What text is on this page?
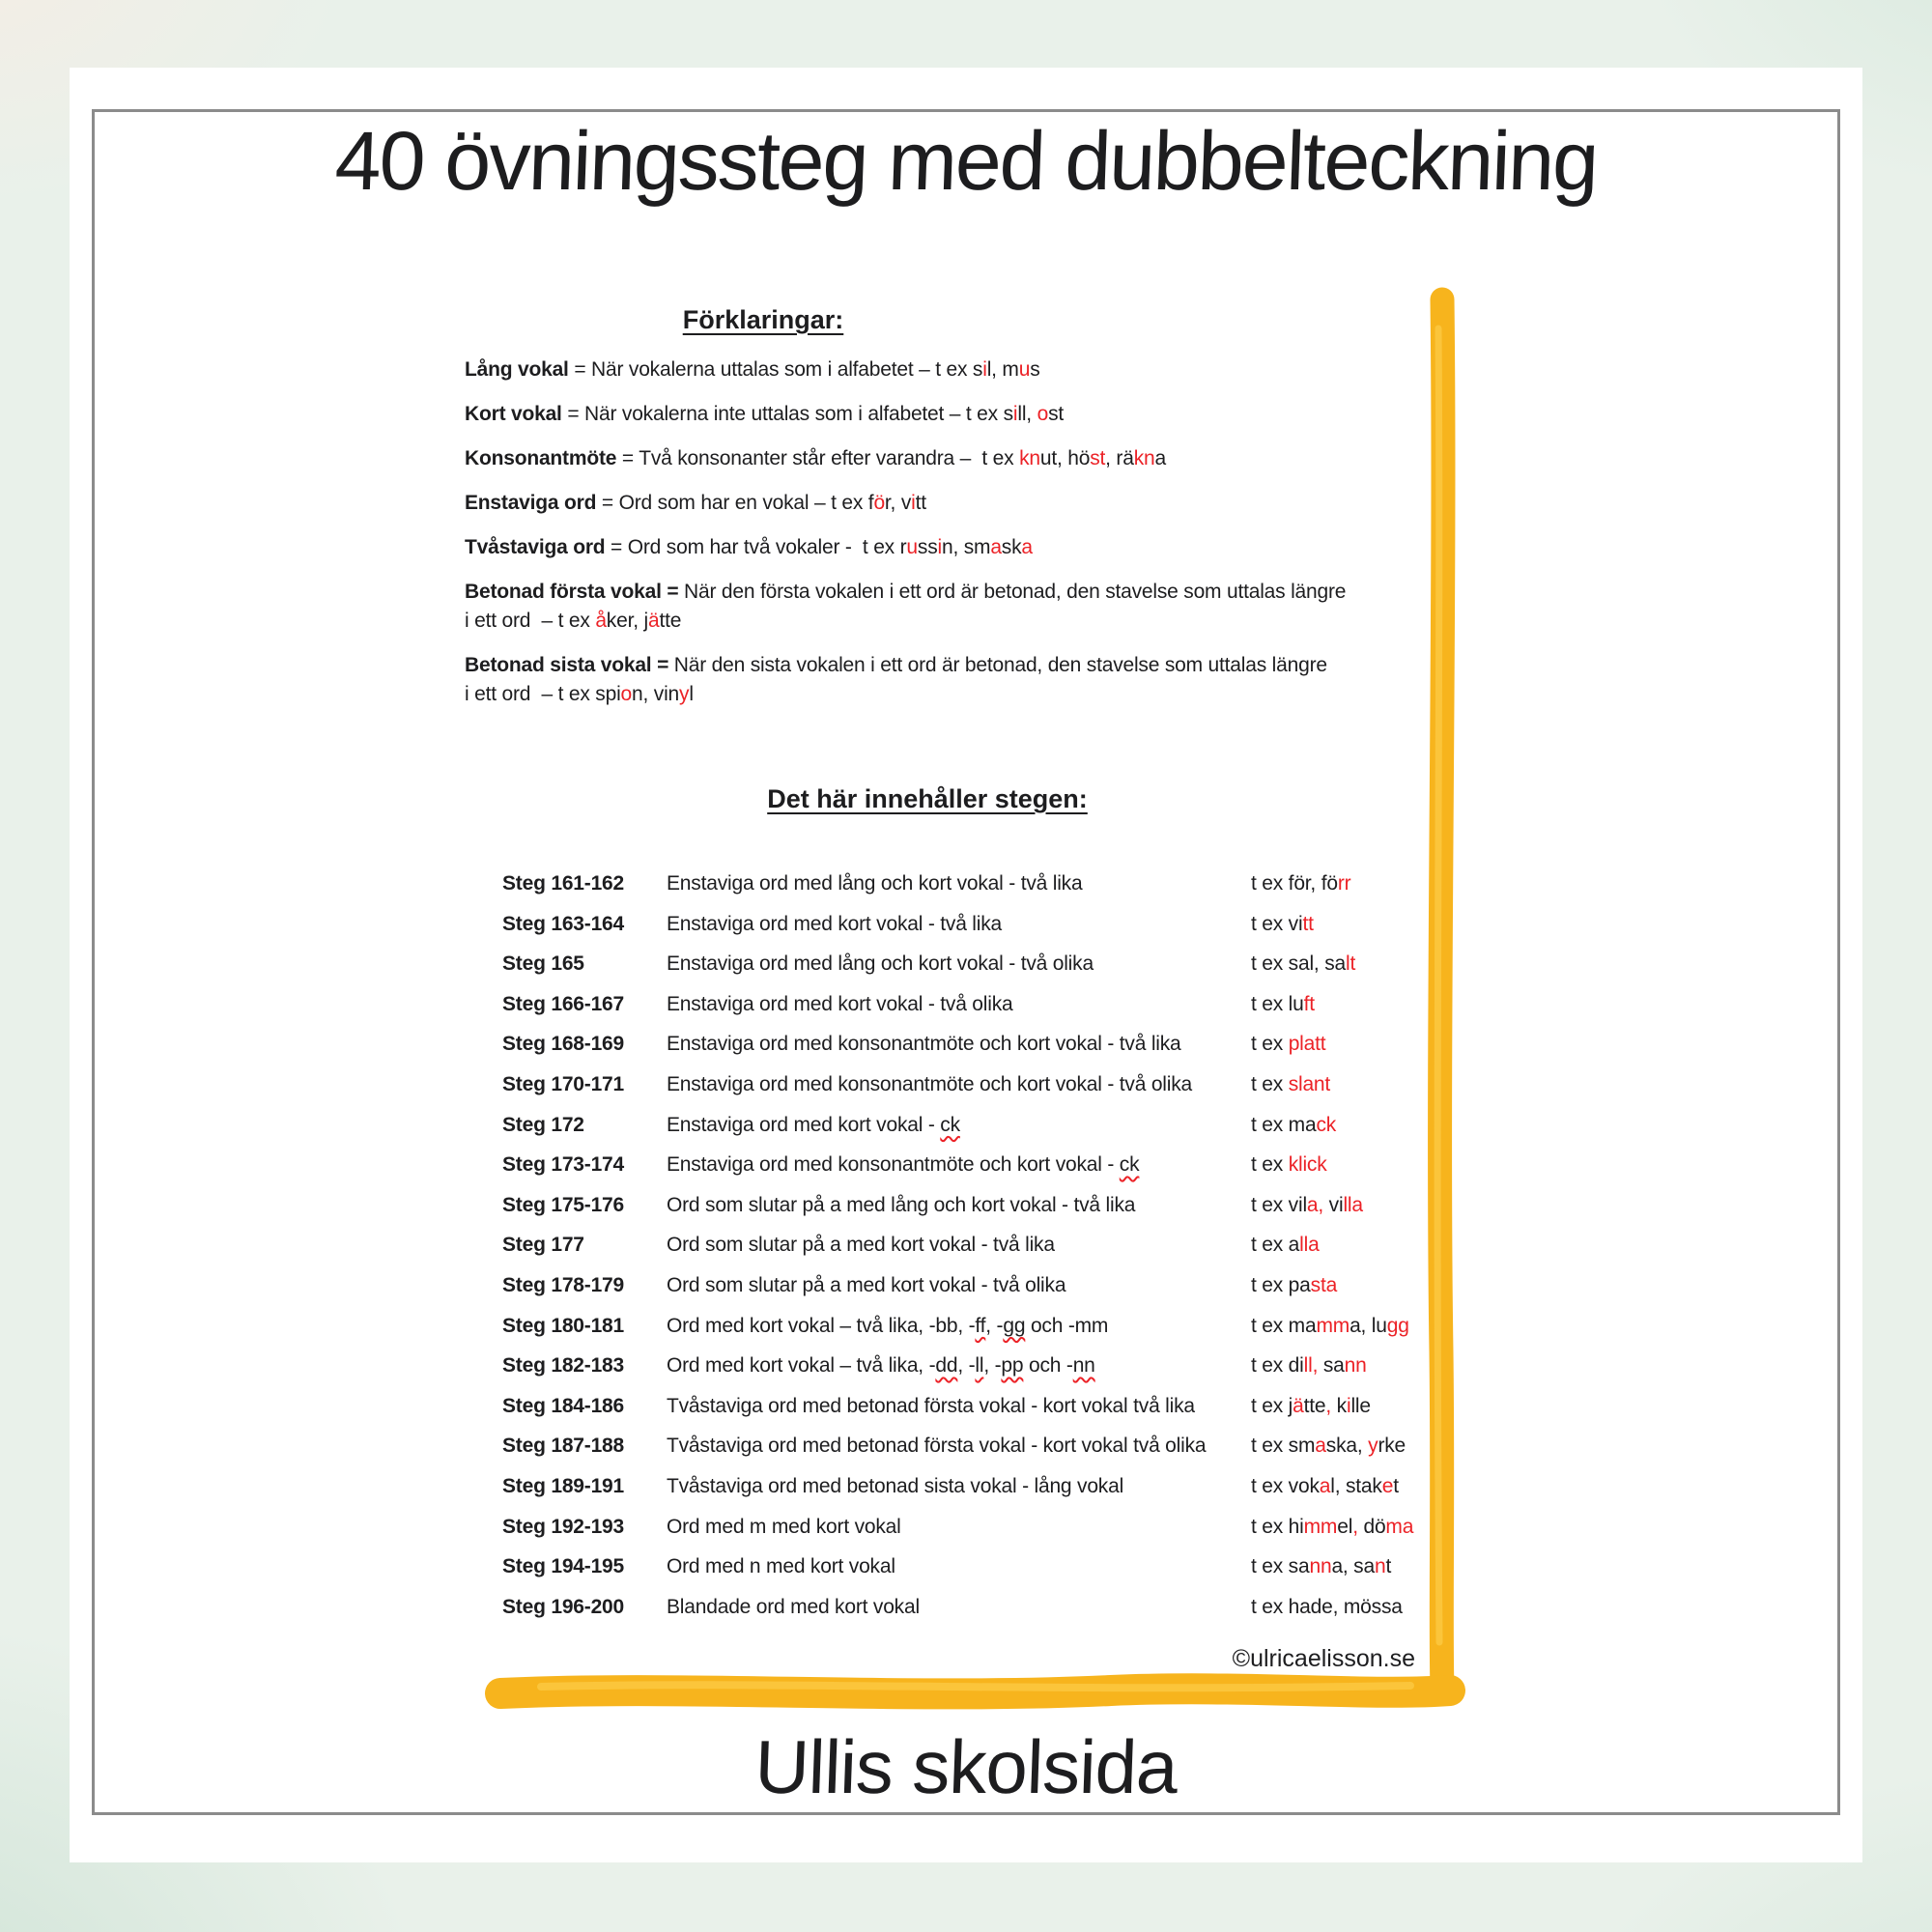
40 övningssteg med dubbelteckning
Förklaringar:
Lång vokal = När vokalerna uttalas som i alfabetet – t ex sil, mus
Kort vokal = När vokalerna inte uttalas som i alfabetet – t ex sill, ost
Konsonantmöte = Två konsonanter står efter varandra –  t ex knut, höst, räkna
Enstaviga ord = Ord som har en vokal – t ex för, vitt
Tvåstaviga ord = Ord som har två vokaler -  t ex russin, smaska
Betonad första vokal = När den första vokalen i ett ord är betonad, den stavelse som uttalas längre
i ett ord  – t ex åker, jätte
Betonad sista vokal = När den sista vokalen i ett ord är betonad, den stavelse som uttalas längre
i ett ord  – t ex spion, vinyl
Det här innehåller stegen:
Steg 161-162	Enstaviga ord med lång och kort vokal - två lika	t ex för, förr
Steg 163-164	Enstaviga ord med kort vokal - två lika	t ex vitt
Steg 165	Enstaviga ord med lång och kort vokal - två olika	t ex sal, salt
Steg 166-167	Enstaviga ord med kort vokal - två olika	t ex luft
Steg 168-169	Enstaviga ord med konsonantmöte och kort vokal - två lika	t ex platt
Steg 170-171	Enstaviga ord med konsonantmöte och kort vokal - två olika	t ex slant
Steg 172	Enstaviga ord med kort vokal - ck	t ex mack
Steg 173-174	Enstaviga ord med konsonantmöte och kort vokal - ck	t ex klick
Steg 175-176	Ord som slutar på a med lång och kort vokal - två lika	t ex vila, villa
Steg 177	Ord som slutar på a med kort vokal - två lika	t ex alla
Steg 178-179	Ord som slutar på a med kort vokal - två olika	t ex pasta
Steg 180-181	Ord med kort vokal – två lika, -bb, -ff, -gg och -mm	t ex mamma, lugg
Steg 182-183	Ord med kort vokal – två lika, -dd, -ll, -pp och -nn	t ex dill, sann
Steg 184-186	Tvåstaviga ord med betonad första vokal - kort vokal två lika	t ex jätte, kille
Steg 187-188	Tvåstaviga ord med betonad första vokal - kort vokal två olika	t ex smaska, yrke
Steg 189-191	Tvåstaviga ord med betonad sista vokal - lång vokal	t ex vokal, staket
Steg 192-193	Ord med m med kort vokal	t ex himmel, döma
Steg 194-195	Ord med n med kort vokal	t ex sanna, sant
Steg 196-200	Blandade ord med kort vokal	t ex hade, mössa
©ulricaelisson.se
Ullis skolsida
